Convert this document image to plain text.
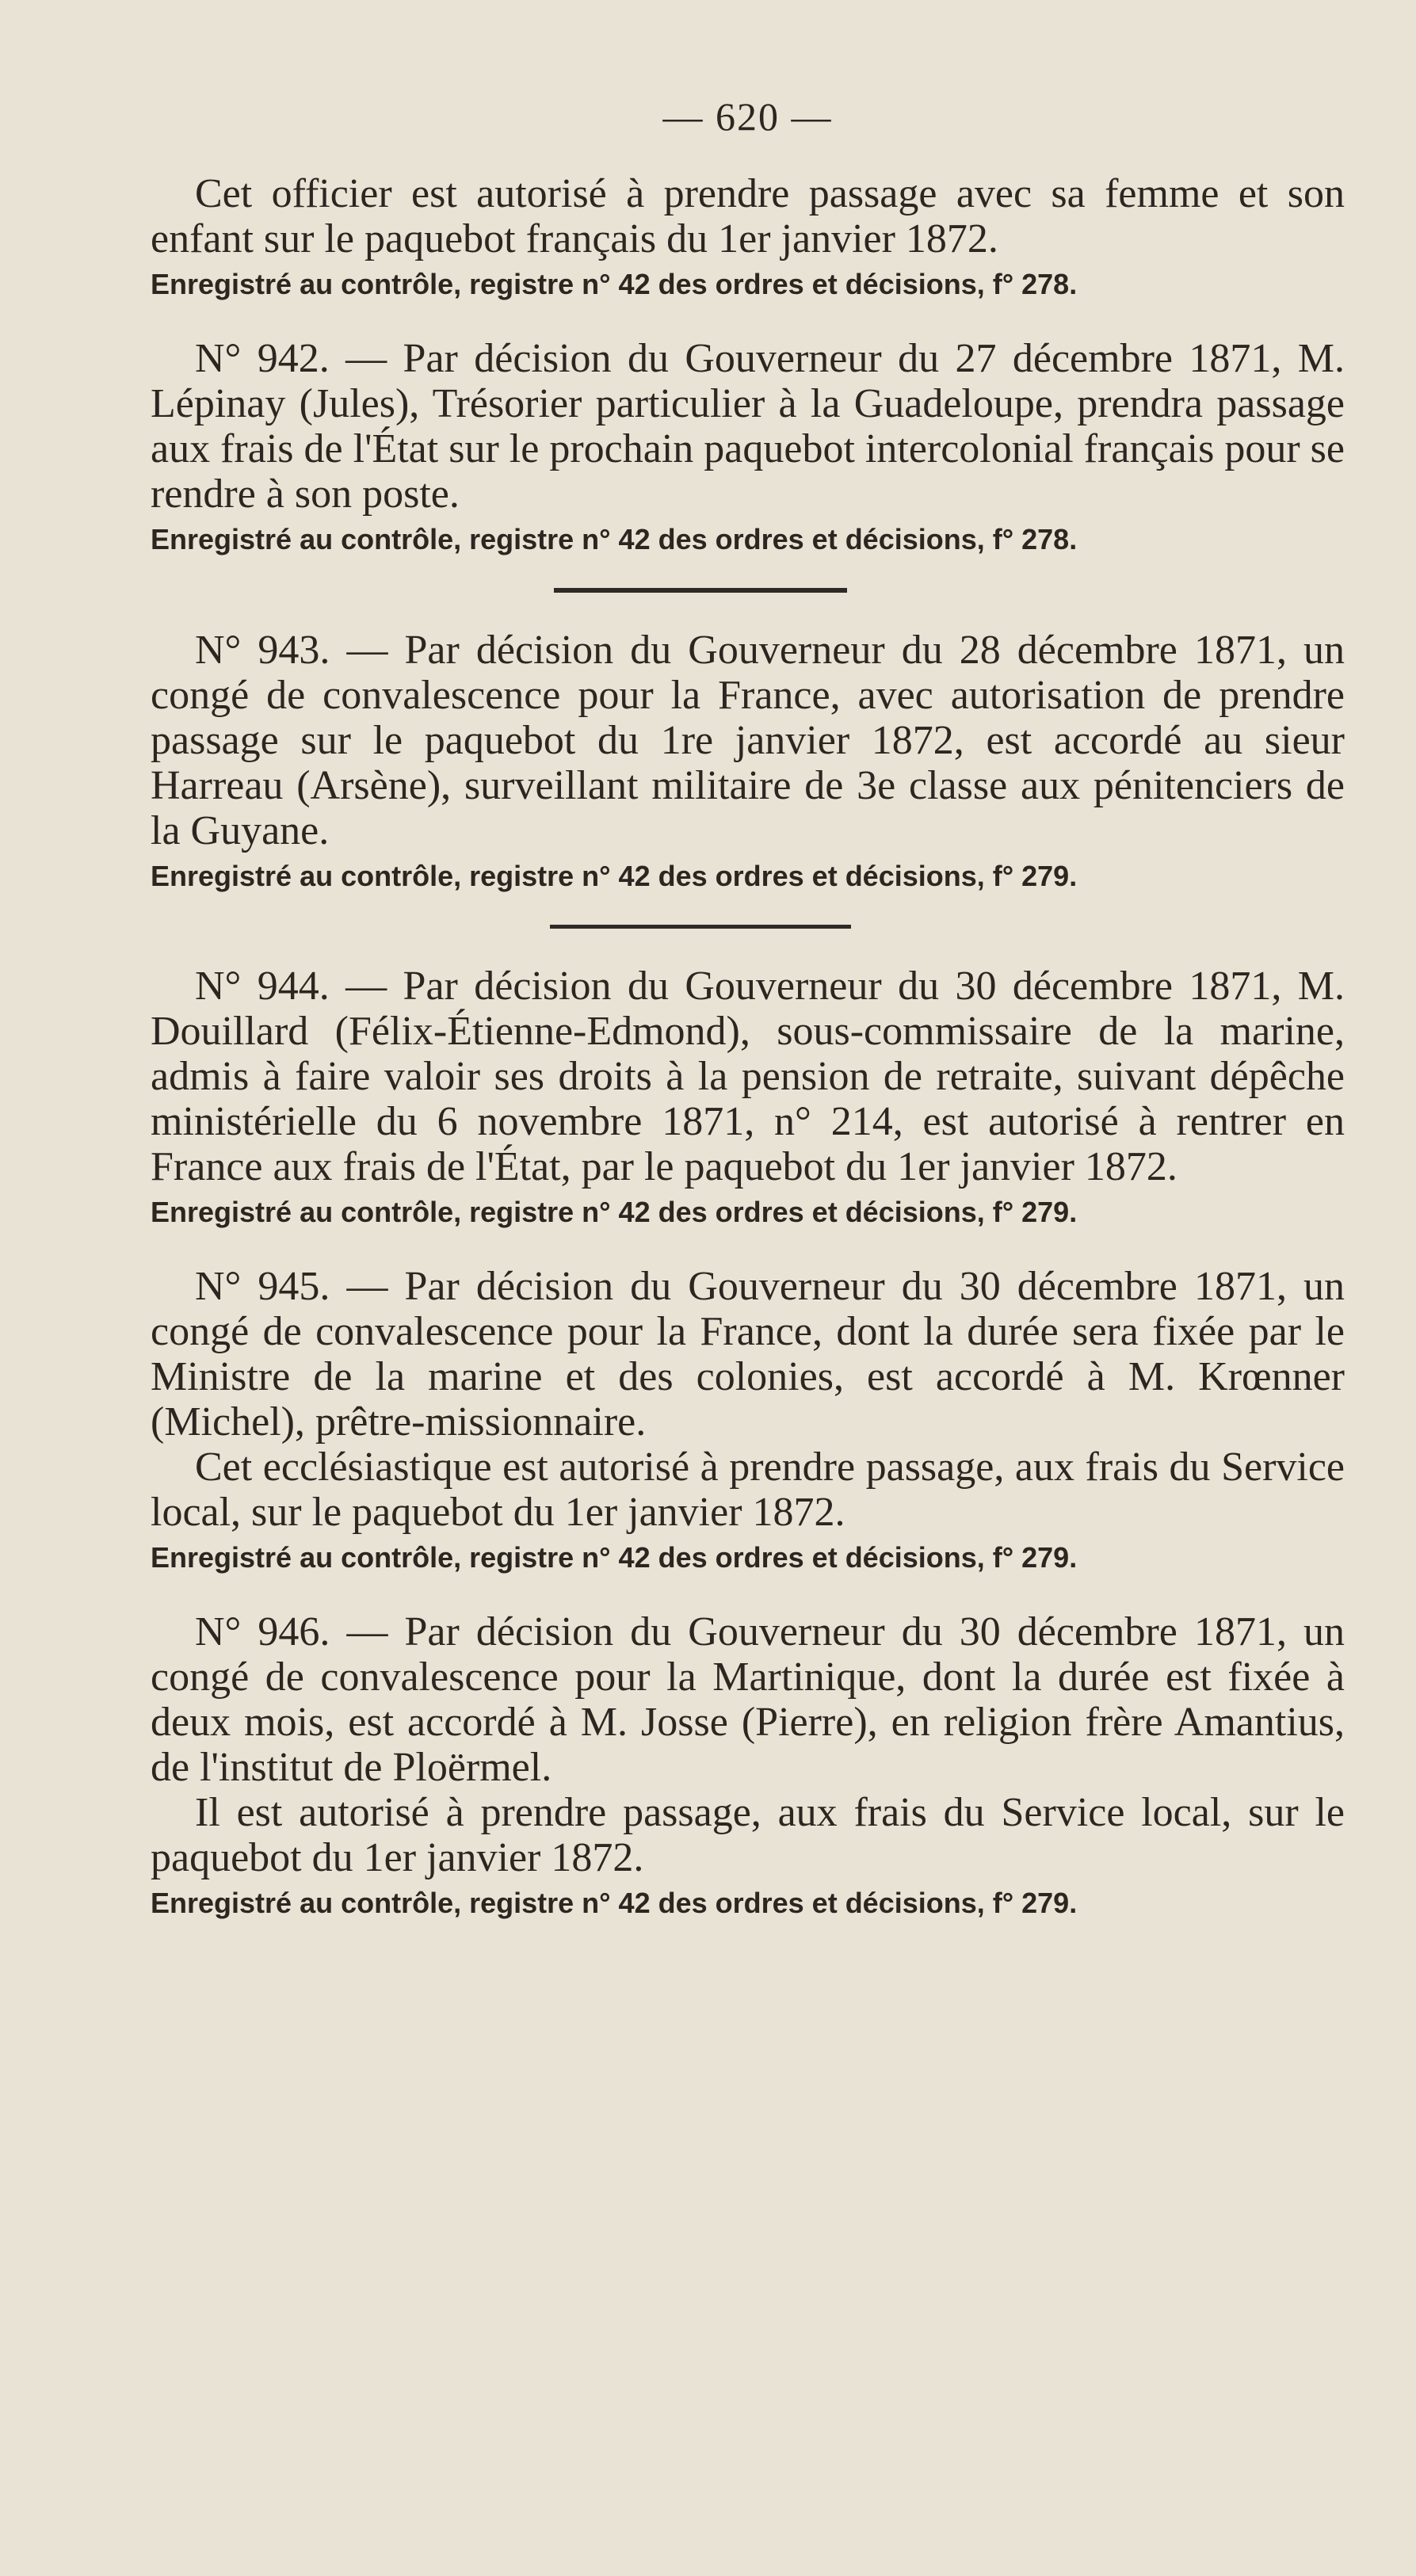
— 620 —

Cet officier est autorisé à prendre passage avec sa femme et son enfant sur le paquebot français du 1er janvier 1872.

Enregistré au contrôle, registre n° 42 des ordres et décisions, f° 278.

N° 942. — Par décision du Gouverneur du 27 décembre 1871, M. Lépinay (Jules), Trésorier particulier à la Guadeloupe, prendra passage aux frais de l'État sur le prochain paquebot intercolonial français pour se rendre à son poste.

Enregistré au contrôle, registre n° 42 des ordres et décisions, f° 278.

N° 943. — Par décision du Gouverneur du 28 décembre 1871, un congé de convalescence pour la France, avec autorisation de prendre passage sur le paquebot du 1re janvier 1872, est accordé au sieur Harreau (Arsène), surveillant militaire de 3e classe aux pénitenciers de la Guyane.

Enregistré au contrôle, registre n° 42 des ordres et décisions, f° 279.

N° 944. — Par décision du Gouverneur du 30 décembre 1871, M. Douillard (Félix-Étienne-Edmond), sous-commissaire de la marine, admis à faire valoir ses droits à la pension de retraite, suivant dépêche ministérielle du 6 novembre 1871, n° 214, est autorisé à rentrer en France aux frais de l'État, par le paquebot du 1er janvier 1872.

Enregistré au contrôle, registre n° 42 des ordres et décisions, f° 279.

N° 945. — Par décision du Gouverneur du 30 décembre 1871, un congé de convalescence pour la France, dont la durée sera fixée par le Ministre de la marine et des colonies, est accordé à M. Krœnner (Michel), prêtre-missionnaire.

Cet ecclésiastique est autorisé à prendre passage, aux frais du Service local, sur le paquebot du 1er janvier 1872.

Enregistré au contrôle, registre n° 42 des ordres et décisions, f° 279.

N° 946. — Par décision du Gouverneur du 30 décembre 1871, un congé de convalescence pour la Martinique, dont la durée est fixée à deux mois, est accordé à M. Josse (Pierre), en religion frère Amantius, de l'institut de Ploërmel.

Il est autorisé à prendre passage, aux frais du Service local, sur le paquebot du 1er janvier 1872.

Enregistré au contrôle, registre n° 42 des ordres et décisions, f° 279.
